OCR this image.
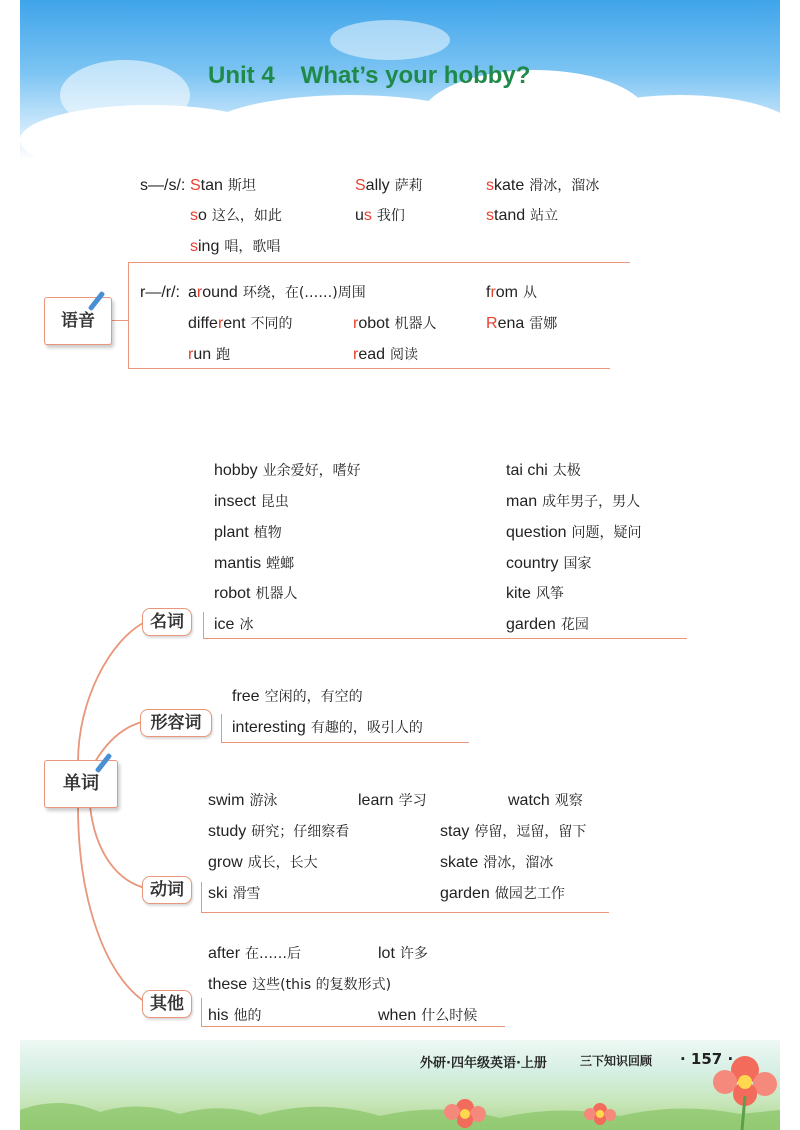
Unit 4 What’s your hobby?
s—/s/: Stan 斯坦	Sally 萨莉	skate 滑冰，溜冰
so 这么，如此	us 我们	stand 站立
sing 唱，歌唱
语音
r—/r/: around 环绕，在(……)周围	from 从
different 不同的	robot 机器人	Rena 雷娜
run 跑	read 阅读
单词
名词
hobby 业余爱好，嗜好	tai chi 太极
insect 昆虫	man 成年男子，男人
plant 植物	question 问题，疑问
mantis 螳螂	country 国家
robot 机器人	kite 风筝
ice 冰	garden 花园
形容词
free 空闲的，有空的
interesting 有趣的，吸引人的
动词
swim 游泳	learn 学习	watch 观察
study 研究；仔细察看	stay 停留，逗留，留下
grow 成长，长大	skate 滑冰，溜冰
ski 滑雪	garden 做园艺工作
其他
after 在……后	lot 许多
these 这些(this 的复数形式)
his 他的	when 什么时候
外研·四年级英语·上册	三下知识回顾 · 157 ·
